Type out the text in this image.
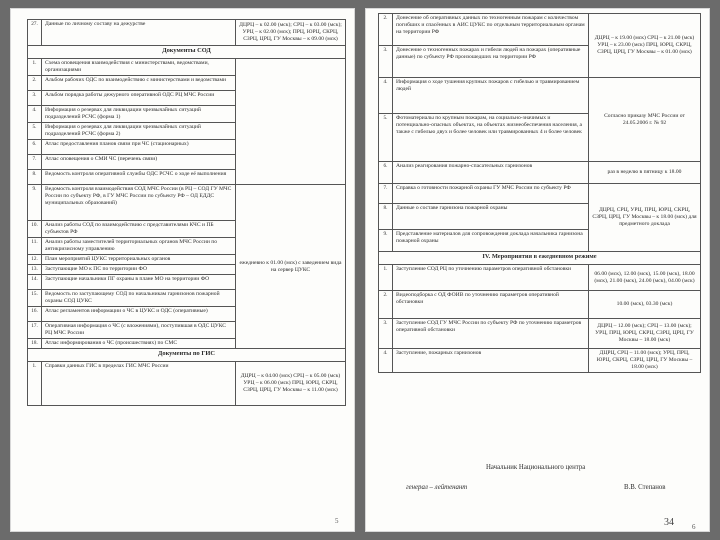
27.	Данные по личному составу на дежурстве	ДЦРЦ – к 02.00 (мск); СРЦ – к 03.00 (мск); УРЦ – к 02.00 (мск); ПРЦ, ЮРЦ, СКРЦ, СЗРЦ, ЦРЦ, ГУ Москвы – к 09.00 (мск)
Документы СОД		
1.	Схема оповещения взаимодействия с министерствами, ведомствами, организациями	
2.	Альбом рабочих ОДС по взаимодействию с министерствами и ведомствами	
3.	Альбом порядка работы дежурного оперативной ОДС РЦ МЧС России	
4.	Информация о резервах для ликвидации чрезвычайных ситуаций подразделений РСЧС (форма 1)	
5.	Информация о резервах для ликвидации чрезвычайных ситуаций подразделений РСЧС (форма 2)	
6.	Атлас предоставления планов связи при ЧС (стационарных)	
7.	Атлас оповещения о СМИ ЧС (перечень связи)	
8.	Ведомость контроля оперативной службы ОДС РСЧС о ходе её выполнения	
9.	Ведомость контроля взаимодействия СОД МЧС России (в РЦ – СОД ГУ МЧС России по субъекту РФ, в ГУ МЧС России по субъекту РФ – ОД ЕДДС муниципальных образований)	ежедневно к 01.00 (мск) с заведением вида на сервер ЦУКС
10.	Анализ работы СОД по взаимодействию с представителями КЧС и ПБ субъектов РФ	
11.	Анализ работы заместителей территориальных органов МЧС России по антикризисному управлению	
12.	План мероприятий ЦУКС территориальных органов	
13.	Заступающие МО к ПС по территории ФО	
14.	Заступающие начальники ПГ охраны в плане МО на территории ФО	
15.	Ведомость по заступающему СОД по начальникам гарнизонов пожарной охраны СОД ЦУКС	
16.	Атлас регламентов информации о ЧС в ЦУКС и ОДС (оперативные)	
17.	Оперативная информация о ЧС (с вложениями), поступившая в ОДС ЦУКС РЦ МЧС России	
18.	Атлас информирования о ЧС (происшествиях) по СМС	
Документы по ГИС		
1.	Справки данных ГИС в пределах ГИС МЧС России	ДЦРЦ – к 04.00 (мск) СРЦ – к 05.00 (мск) УРЦ – к 06.00 (мск) ПРЦ, ЮРЦ, СКРЦ, СЗРЦ, ЦРЦ, ГУ Москвы – к 11.00 (мск)
5
2.	Донесение об оперативных данных по техногенным пожарам с количеством погибших и спасённых в АИС ЦУКС по отдельным территориальным органам на территории РФ	ДЦРЦ – к 19.00 (мск) СРЦ – к 21.00 (мск) УРЦ – к 23.00 (мск) ПРЦ, ЮРЦ, СКРЦ, СЗРЦ, ЦРЦ, ГУ Москвы – к 01.00 (мск)
3.	Донесение о техногенных пожарах и гибели людей на пожарах (оперативные данные) по субъекту РФ произошедших на территории РФ	
4.	Информация о ходе тушения крупных пожаров с гибелью и травмированием людей	Согласно приказу МЧС России от 24.05.2006 г. № 92
5.	Фотоматериалы по крупным пожарам, на социально-значимых и потенциально-опасных объектах, на объектах жизнеобеспечения населения, а также с гибелью двух и более человек или травмированных 4 и более человек	
6.	Анализ реагирования пожарно-спасательных гарнизонов	раз в неделю в пятницу к 18.00
7.	Справка о готовности пожарной охраны ГУ МЧС России по субъекту РФ	ДЦРЦ, СРЦ, УРЦ, ПРЦ, ЮРЦ, СКРЦ, СЗРЦ, ЦРЦ, ГУ Москвы – к 18.00 (мск) для предметного доклада
8.	Данные о составе гарнизона пожарной охраны	
9.	Представление материалов для сопровождения доклада начальника гарнизона пожарной охраны	
IV. Мероприятия в ежедневном режиме		
1.	Заступление СОД РЦ по уточнению параметров оперативной обстановки	06.00 (мск), 12.00 (мск), 15.00 (мск), 18.00 (мск), 21.00 (мск), 24.00 (мск), 04.00 (мск)
2.	Видеоподборка с ОД ФОИВ по уточнению параметров оперативной обстановки	10.00 (мск), 03.30 (мск)
3.	Заступление СОД ГУ МЧС России по субъекту РФ по уточнению параметров оперативной обстановки	ДЦРЦ – 12.00 (мск); СРЦ – 13.00 (мск); УРЦ, ПРЦ, ЮРЦ, СКРЦ, СЗРЦ, ЦРЦ, ГУ Москвы – 18.00 (мск)
4.	Заступление, пожарных гарнизонов	ДЦРЦ, СРЦ – 11.00 (мск); УРЦ, ПРЦ, ЮРЦ, СКРЦ, СЗРЦ, ЦРЦ, ГУ Москвы – 18.00 (мск)
Начальник Национального центра
генерал – лейтенант	В.В. Степанов
34	6
